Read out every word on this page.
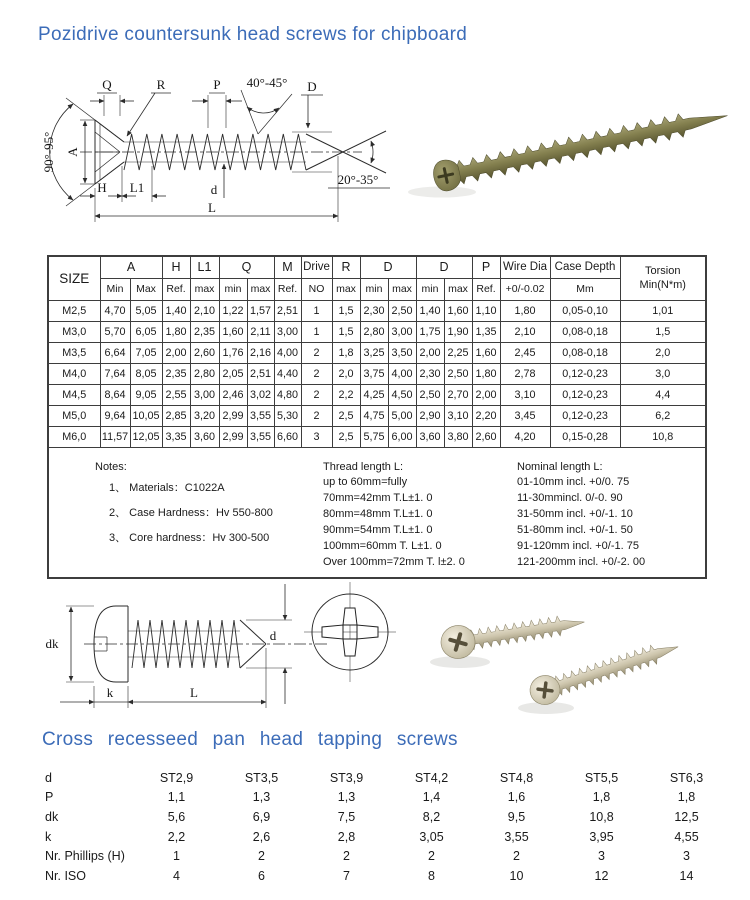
Pozidrive countersunk head screws for chipboard
Cross recesseed pan head tapping screws
Q	R	P 40°-45° D
90°-95° A
H L1	d
20°-35°
L
SIZE	A		H	L1	Q		M	Drive	R	D		D		P	Wire Dia	Case Depth	Torsion
Min(N*m)

	Min	Max	Ref.	max	min	max	Ref.	NO	max	min	max	min	max	Ref.	+0/-0.02	Mm	
M2,5	4,70	5,05	1,40	2,10	1,22	1,57	2,51	1	1,5	2,30	2,50	1,40	1,60	1,10	1,80	0,05-0,10	1,01
M3,0	5,70	6,05	1,80	2,35	1,60	2,11	3,00	1	1,5	2,80	3,00	1,75	1,90	1,35	2,10	0,08-0,18	1,5
M3,5	6,64	7,05	2,00	2,60	1,76	2,16	4,00	2	1,8	3,25	3,50	2,00	2,25	1,60	2,45	0,08-0,18	2,0
M4,0	7,64	8,05	2,35	2,80	2,05	2,51	4,40	2	2,0	3,75	4,00	2,30	2,50	1,80	2,78	0,12-0,23	3,0
M4,5	8,64	9,05	2,55	3,00	2,46	3,02	4,80	2	2,2	4,25	4,50	2,50	2,70	2,00	3,10	0,12-0,23	4,4
M5,0	9,64	10,05	2,85	3,20	2,99	3,55	5,30	2	2,5	4,75	5,00	2,90	3,10	2,20	3,45	0,12-0,23	6,2
M6,0	11,57	12,05	3,35	3,60	2,99	3,55	6,60	3	2,5	5,75	6,00	3,60	3,80	2,60	4,20	0,15-0,28	10,8

Notes:
1、 Materials：C1022A
2、 Case Hardness：Hv 550-800
3、 Core hardness：Hv 300-500
Thread length L:
up to 60mm=fully
70mm=42mm T.L±1. 0
80mm=48mm T.L±1. 0
90mm=54mm T.L±1. 0
100mm=60mm T. L±1. 0
Over 100mm=72mm T. l±2. 0
Nominal length L:
01-10mm incl. +0/0. 75
11-30mmincl. 0/-0. 90
31-50mm incl. +0/-1. 10
51-80mm incl. +0/-1. 50
91-120mm incl. +0/-1. 75
121-200mm incl. +0/-2. 00
dk
d
k	L
d	ST2,9	ST3,5	ST3,9	ST4,2	ST4,8	ST5,5	ST6,3
P	1,1	1,3	1,3	1,4	1,6	1,8	1,8
dk	5,6	6,9	7,5	8,2	9,5	10,8	12,5
k	2,2	2,6	2,8	3,05	3,55	3,95	4,55
Nr. Phillips (H)	1	2	2	2	2	3	3
Nr. ISO	4	6	7	8	10	12	14
